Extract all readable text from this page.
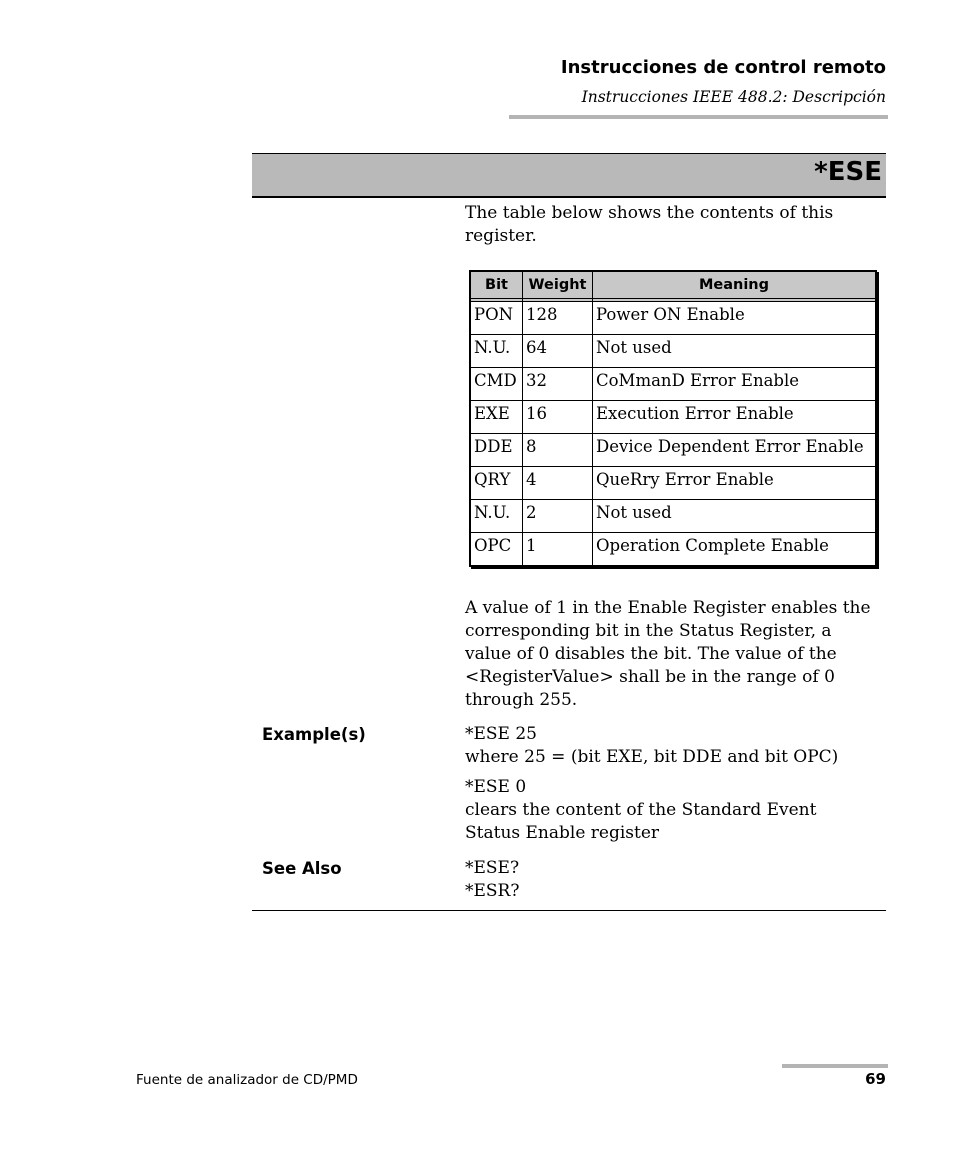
Instrucciones de control remoto
Instrucciones IEEE 488.2: Descripción
*ESE

The table below shows the contents of this register.

Bit	Weight	Meaning

PON	128	Power ON Enable
N.U.	64	Not used
CMD	32	CoMmanD Error Enable
EXE	16	Execution Error Enable
DDE	8	Device Dependent Error Enable
QRY	4	QueRry Error Enable
N.U.	2	Not used
OPC	1	Operation Complete Enable

A value of 1 in the Enable Register enables the corresponding bit in the Status Register, a value of 0 disables the bit. The value of the <RegisterValue> shall be in the range of 0 through 255.

Example(s)	*ESE 25

where 25 = (bit EXE, bit DDE and bit OPC)

*ESE 0

clears the content of the Standard Event Status Enable register

See Also	*ESE?

*ESR?

Fuente de analizador de CD/PMD	69
